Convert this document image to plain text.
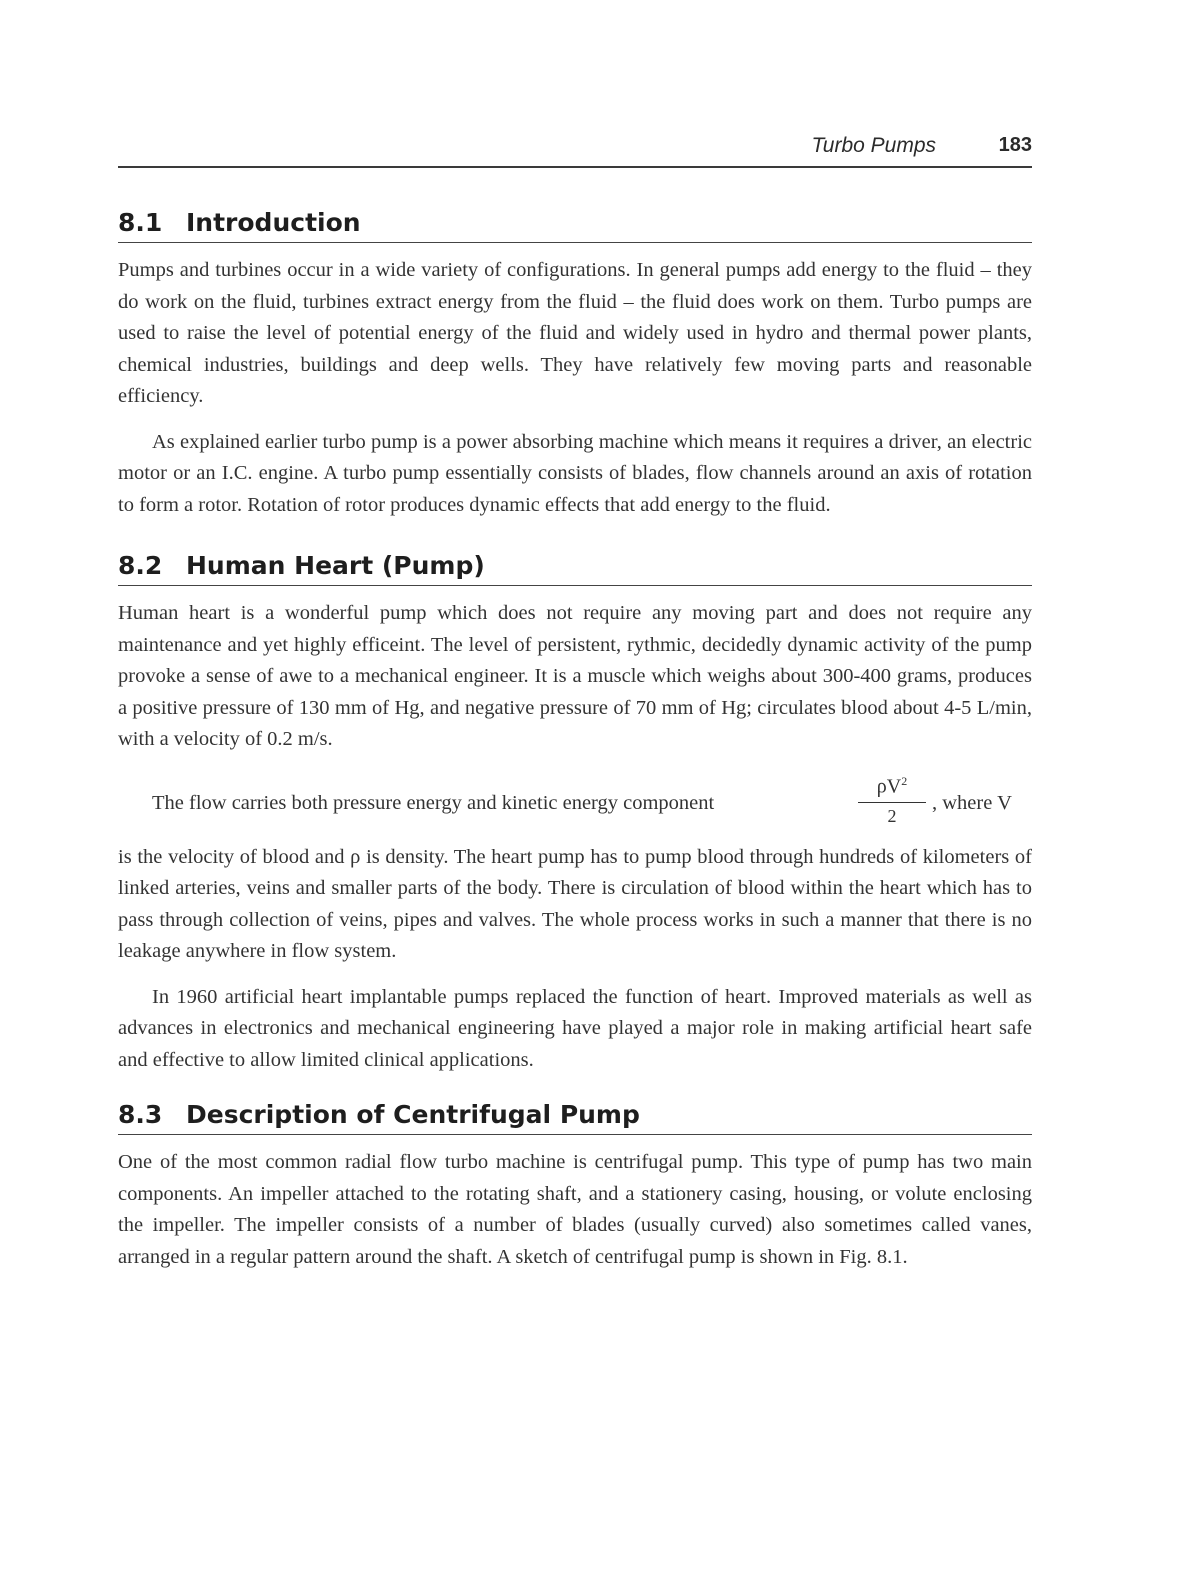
Turbo Pumps	183
8.1 Introduction

Pumps and turbines occur in a wide variety of configurations. In general pumps add energy to the fluid – they do work on the fluid, turbines extract energy from the fluid – the fluid does work on them. Turbo pumps are used to raise the level of potential energy of the fluid and widely used in hydro and thermal power plants, chemical industries, buildings and deep wells. They have relatively few moving parts and reasonable efficiency.

As explained earlier turbo pump is a power absorbing machine which means it requires a driver, an electric motor or an I.C. engine. A turbo pump essentially consists of blades, flow channels around an axis of rotation to form a rotor. Rotation of rotor produces dynamic effects that add energy to the fluid.

8.2 Human Heart (Pump)

Human heart is a wonderful pump which does not require any moving part and does not require any maintenance and yet highly efficeint. The level of persistent, rythmic, decidedly dynamic activity of the pump provoke a sense of awe to a mechanical engineer. It is a muscle which weighs about 300-400 grams, produces a positive pressure of 130 mm of Hg, and negative pressure of 70 mm of Hg; circulates blood about 4-5 L/min, with a velocity of 0.2 m/s.

The flow carries both pressure energy and kinetic energy component
$\rho V^2$
2
, where V

is the velocity of blood and ρ is density. The heart pump has to pump blood through hundreds of kilometers of linked arteries, veins and smaller parts of the body. There is circulation of blood within the heart which has to pass through collection of veins, pipes and valves. The whole process works in such a manner that there is no leakage anywhere in flow system.

In 1960 artificial heart implantable pumps replaced the function of heart. Improved materials as well as advances in electronics and mechanical engineering have played a major role in making artificial heart safe and effective to allow limited clinical applications.

8.3 Description of Centrifugal Pump

One of the most common radial flow turbo machine is centrifugal pump. This type of pump has two main components. An impeller attached to the rotating shaft, and a stationery casing, housing, or volute enclosing the impeller. The impeller consists of a number of blades (usually curved) also sometimes called vanes, arranged in a regular pattern around the shaft. A sketch of centrifugal pump is shown in Fig. 8.1.
